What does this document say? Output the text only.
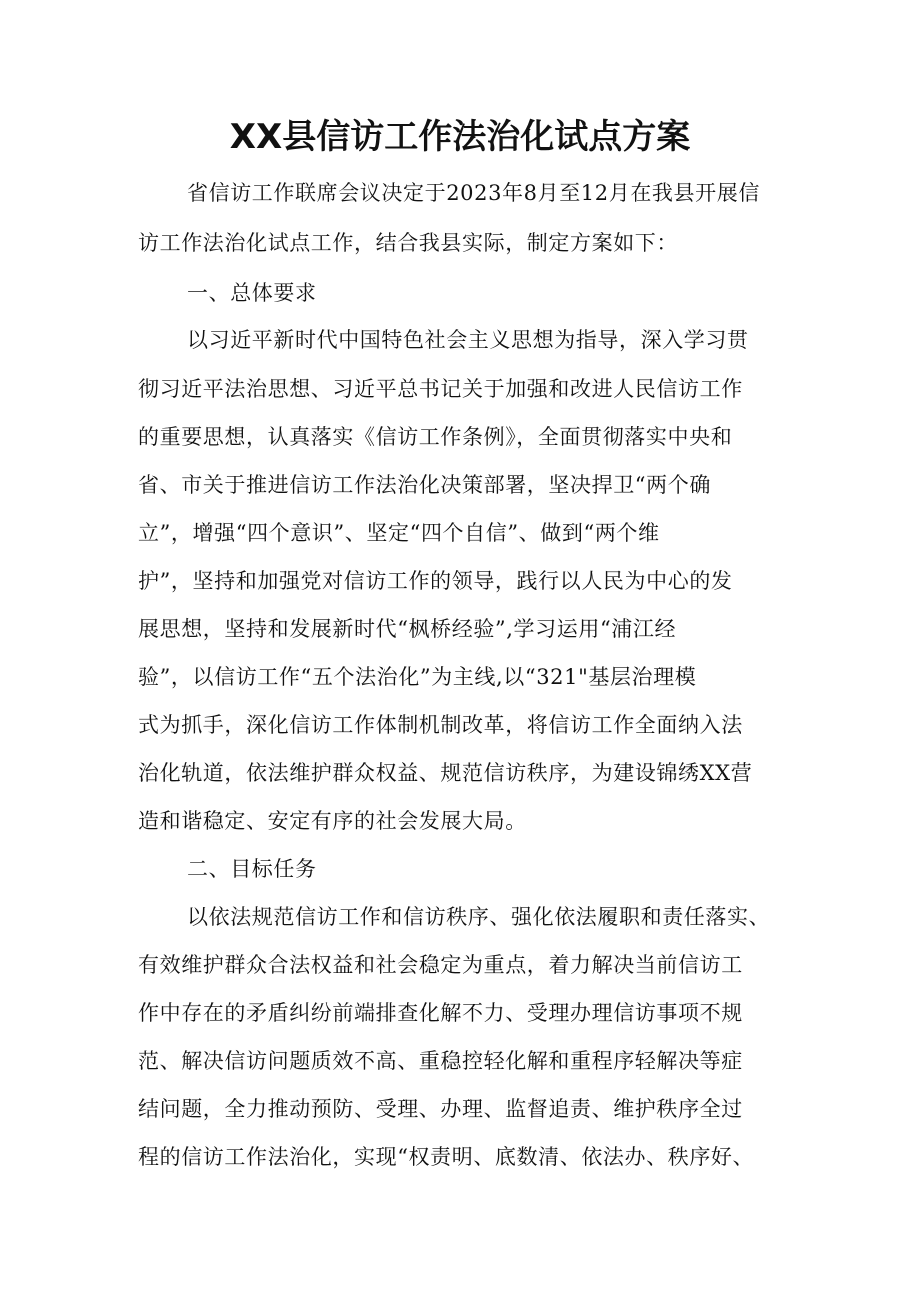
XX县信访工作法治化试点方案

省信访工作联席会议决定于2023年8月至12月在我县开展信

访工作法治化试点工作，结合我县实际，制定方案如下：

一、总体要求

以习近平新时代中国特色社会主义思想为指导，深入学习贯

彻习近平法治思想、习近平总书记关于加强和改进人民信访工作

的重要思想，认真落实《信访工作条例》，全面贯彻落实中央和

省、市关于推进信访工作法治化决策部署，坚决捍卫“两个确

立”，增强“四个意识”、坚定“四个自信”、做到“两个维

护”，坚持和加强党对信访工作的领导，践行以人民为中心的发

展思想，坚持和发展新时代“枫桥经验”,学习运用“浦江经

验”，以信访工作“五个法治化”为主线,以“321"基层治理模

式为抓手，深化信访工作体制机制改革，将信访工作全面纳入法

治化轨道，依法维护群众权益、规范信访秩序，为建设锦绣XX营

造和谐稳定、安定有序的社会发展大局。

二、目标任务

以依法规范信访工作和信访秩序、强化依法履职和责任落实、

有效维护群众合法权益和社会稳定为重点，着力解决当前信访工

作中存在的矛盾纠纷前端排查化解不力、受理办理信访事项不规

范、解决信访问题质效不高、重稳控轻化解和重程序轻解决等症

结问题，全力推动预防、受理、办理、监督追责、维护秩序全过

程的信访工作法治化，实现“权责明、底数清、依法办、秩序好、
